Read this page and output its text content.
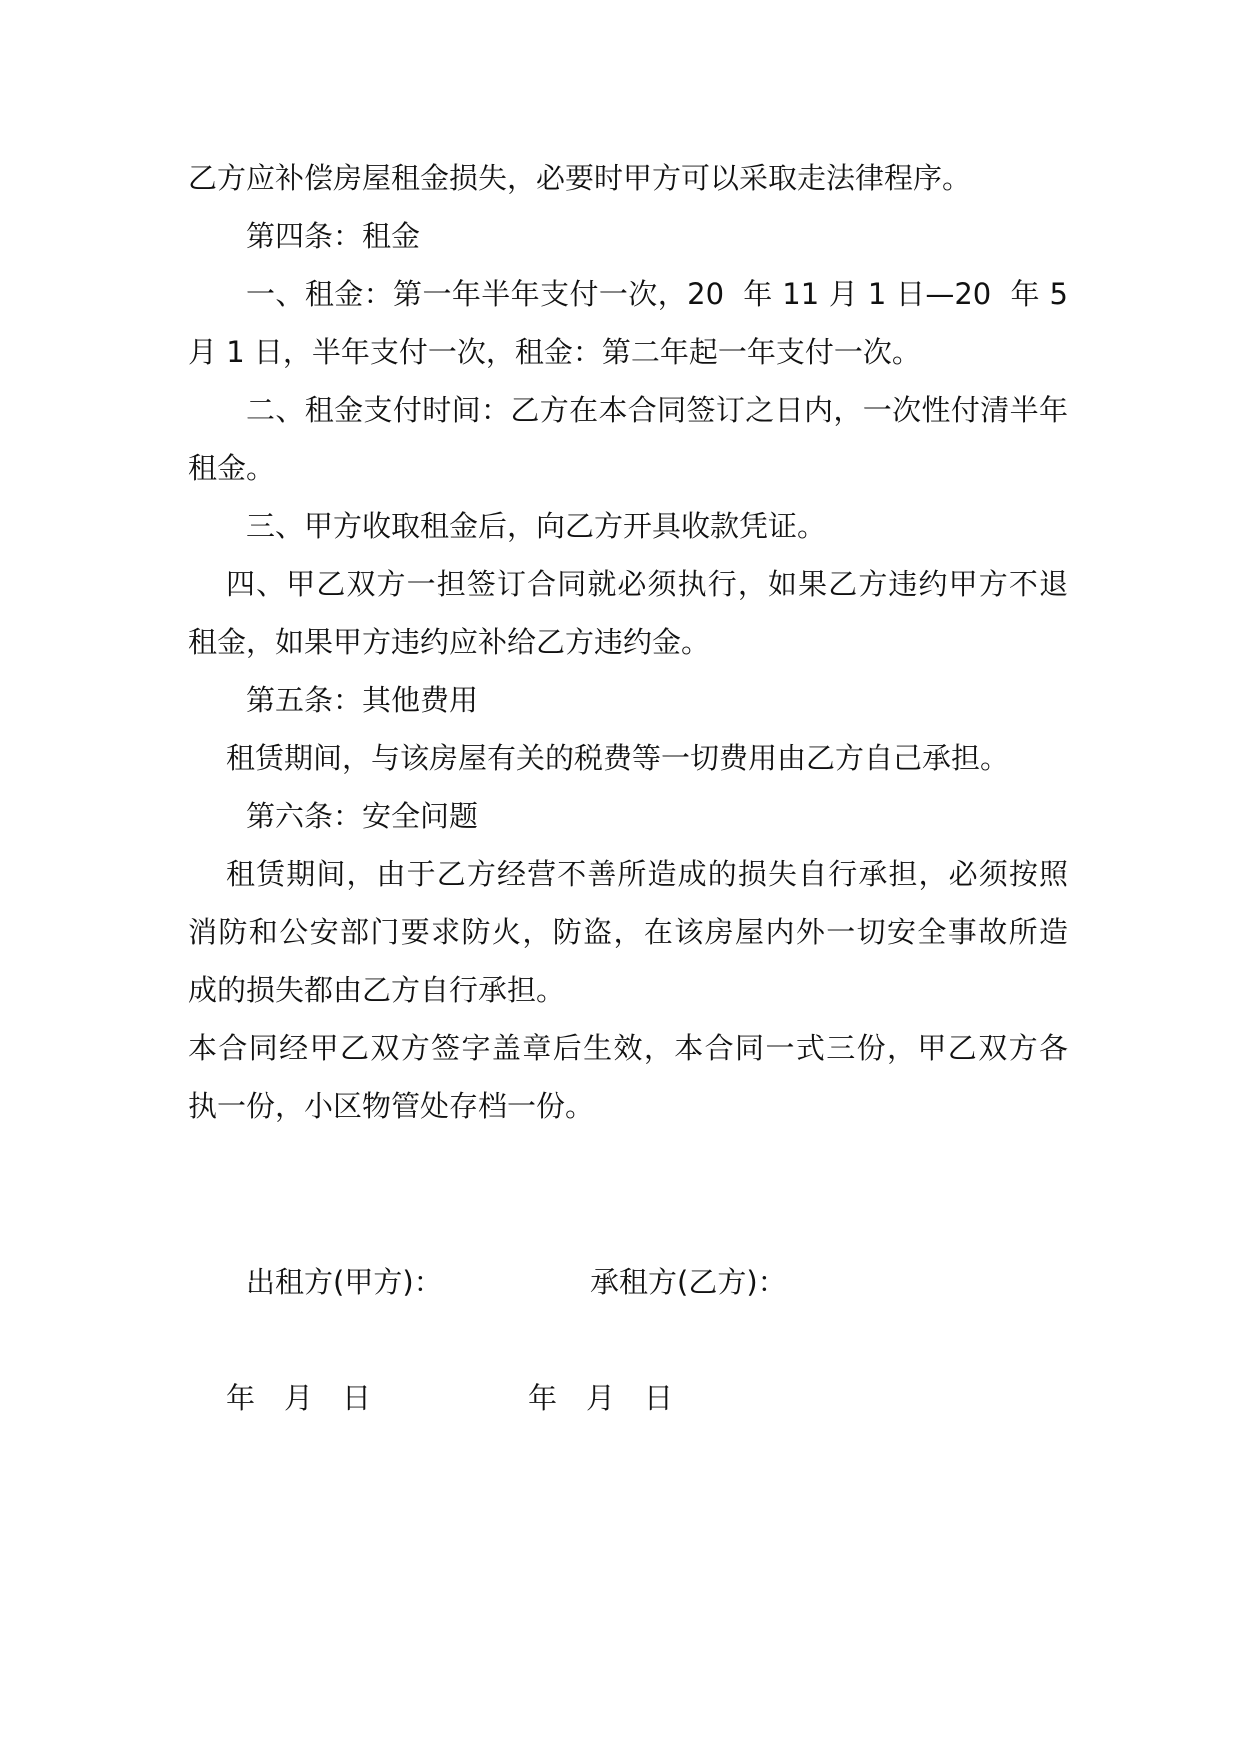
乙方应补偿房屋租金损失，必要时甲方可以采取走法律程序。
第四条：租金
一、租金：第一年半年支付一次，20  年 11 月 1 日—20  年 5
月 1 日，半年支付一次，租金：第二年起一年支付一次。
二、租金支付时间：乙方在本合同签订之日内，一次性付清半年
租金。
三、甲方收取租金后，向乙方开具收款凭证。
四、甲乙双方一担签订合同就必须执行，如果乙方违约甲方不退
租金，如果甲方违约应补给乙方违约金。
第五条：其他费用
租赁期间，与该房屋有关的税费等一切费用由乙方自己承担。
第六条：安全问题
租赁期间，由于乙方经营不善所造成的损失自行承担，必须按照
消防和公安部门要求防火，防盗，在该房屋内外一切安全事故所造
成的损失都由乙方自行承担。
本合同经甲乙双方签字盖章后生效，本合同一式三份，甲乙双方各
执一份，小区物管处存档一份。
出租方(甲方)：	承租方(乙方)：
年　月　日	年　月　日
